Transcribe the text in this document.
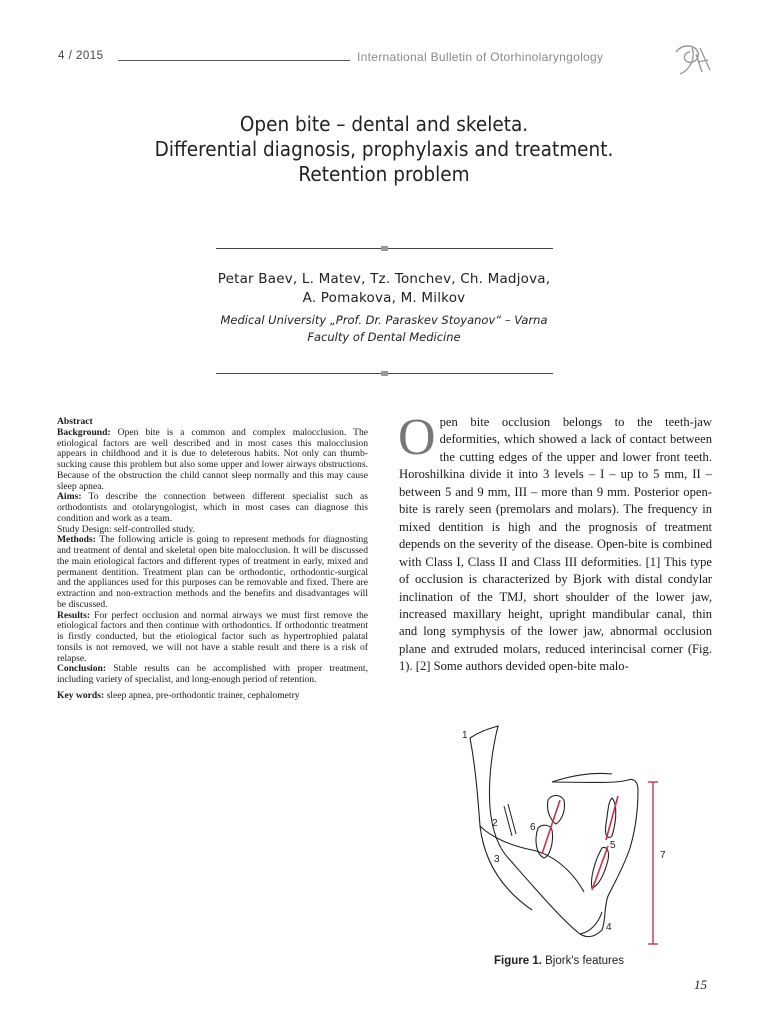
4 / 2015	International Bulletin of Otorhinolaryngology
Open bite – dental and skeleta.
Differential diagnosis, prophylaxis and treatment.
Retention problem
Petar Baev, L. Matev, Tz. Tonchev, Ch. Madjova,
A. Pomakova, M. Milkov
Medical University „Prof. Dr. Paraskev Stoyanov“ – Varna
Faculty of Dental Medicine

Abstract

Background: Open bite is a common and complex malocclusion. The etiological factors are well described and in most cases this malocclusion appears in childhood and it is due to deleterous habits. Not only can thumb-sucking cause this problem but also some upper and lower airways obstructions. Because of the obstruction the child cannot sleep normally and this may cause sleep apnea.

Aims: To describe the connection between different specialist such as orthodontists and otolaryngologist, which in most cases can diagnose this condition and work as a team.

Study Design: self-controlled study.

Methods: The following article is going to represent methods for diagnosting and treatment of dental and skeletal open bite malocclusion. It will be discussed the main etiological factors and different types of treatment in early, mixed and permanent dentition. Treatment plan can be orthodontic, orthodontic-surgical and the appliances used for this purposes can be removable and fixed. There are extraction and non-extraction methods and the benefits and disadvantages will be discussed.

Results: For perfect occlusion and normal airways we must first remove the etiological factors and then continue with orthodontics. If orthodontic treatment is firstly conducted, but the etiological factor such as hypertrophied palatal tonsils is not removed, we will not have a stable result and there is a risk of relapse.

Conclusion: Stable results can be accomplished with proper treatment, including variety of specialist, and long-enough period of retention.

Key words: sleep apnea, pre-orthodontic trainer, cephalometry

Open bite occlusion belongs to the teeth-jaw deformities, which showed a lack of contact between the cutting edges of the upper and lower front teeth. Horoshilkina divide it into 3 levels – I – up to 5 mm, II – between 5 and 9 mm, III – more than 9 mm. Posterior open-bite is rarely seen (premolars and molars). The frequency in mixed dentition is high and the prognosis of treatment depends on the severity of the disease. Open-bite is combined with Class I, Class II and Class III deformities. [1] This type of occlusion is characterized by Bjork with distal condylar inclination of the TMJ, short shoulder of the lower jaw, increased maxillary height, upright mandibular canal, thin and long symphysis of the lower jaw, abnormal occlusion plane and extruded molars, reduced interincisal corner (Fig. 1). [2] Some authors devided open-bite malo-
1
2
3
4
5
6
7
Figure 1. Bjork's features
15
